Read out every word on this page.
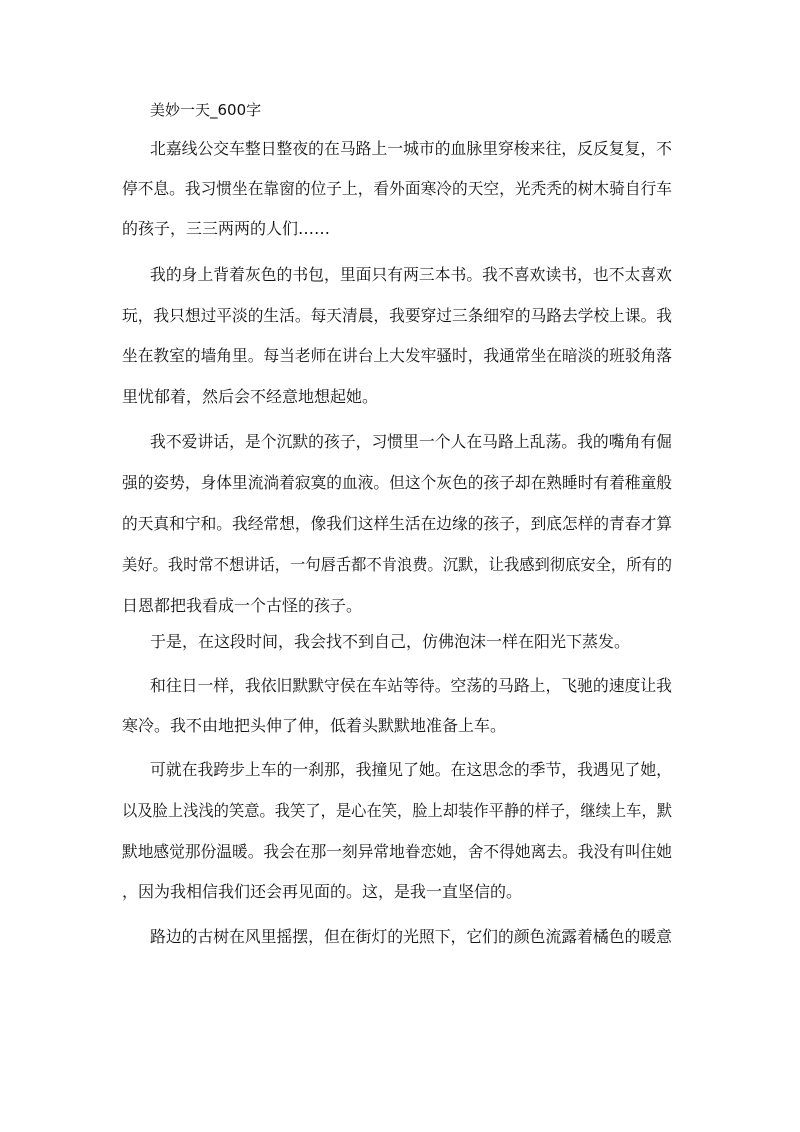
美妙一天_600字
北嘉线公交车整日整夜的在马路上一城市的血脉里穿梭来往，反反复复，不
停不息。我习惯坐在靠窗的位子上，看外面寒冷的天空，光秃秃的树木骑自行车
的孩子，三三两两的人们……
我的身上背着灰色的书包，里面只有两三本书。我不喜欢读书，也不太喜欢
玩，我只想过平淡的生活。每天清晨，我要穿过三条细窄的马路去学校上课。我
坐在教室的墙角里。每当老师在讲台上大发牢骚时，我通常坐在暗淡的班驳角落
里忧郁着，然后会不经意地想起她。
我不爱讲话，是个沉默的孩子，习惯里一个人在马路上乱荡。我的嘴角有倔
强的姿势，身体里流淌着寂寞的血液。但这个灰色的孩子却在熟睡时有着稚童般
的天真和宁和。我经常想，像我们这样生活在边缘的孩子，到底怎样的青春才算
美好。我时常不想讲话，一句唇舌都不肯浪费。沉默，让我感到彻底安全，所有的
日恩都把我看成一个古怪的孩子。
于是，在这段时间，我会找不到自己，仿佛泡沫一样在阳光下蒸发。
和往日一样，我依旧默默守侯在车站等待。空荡的马路上，飞驰的速度让我
寒冷。我不由地把头伸了伸，低着头默默地准备上车。
可就在我跨步上车的一刹那，我撞见了她。在这思念的季节，我遇见了她，
以及脸上浅浅的笑意。我笑了，是心在笑，脸上却装作平静的样子，继续上车，默
默地感觉那份温暖。我会在那一刻异常地眷恋她，舍不得她离去。我没有叫住她
，因为我相信我们还会再见面的。这，是我一直坚信的。
路边的古树在风里摇摆，但在街灯的光照下，它们的颜色流露着橘色的暖意
